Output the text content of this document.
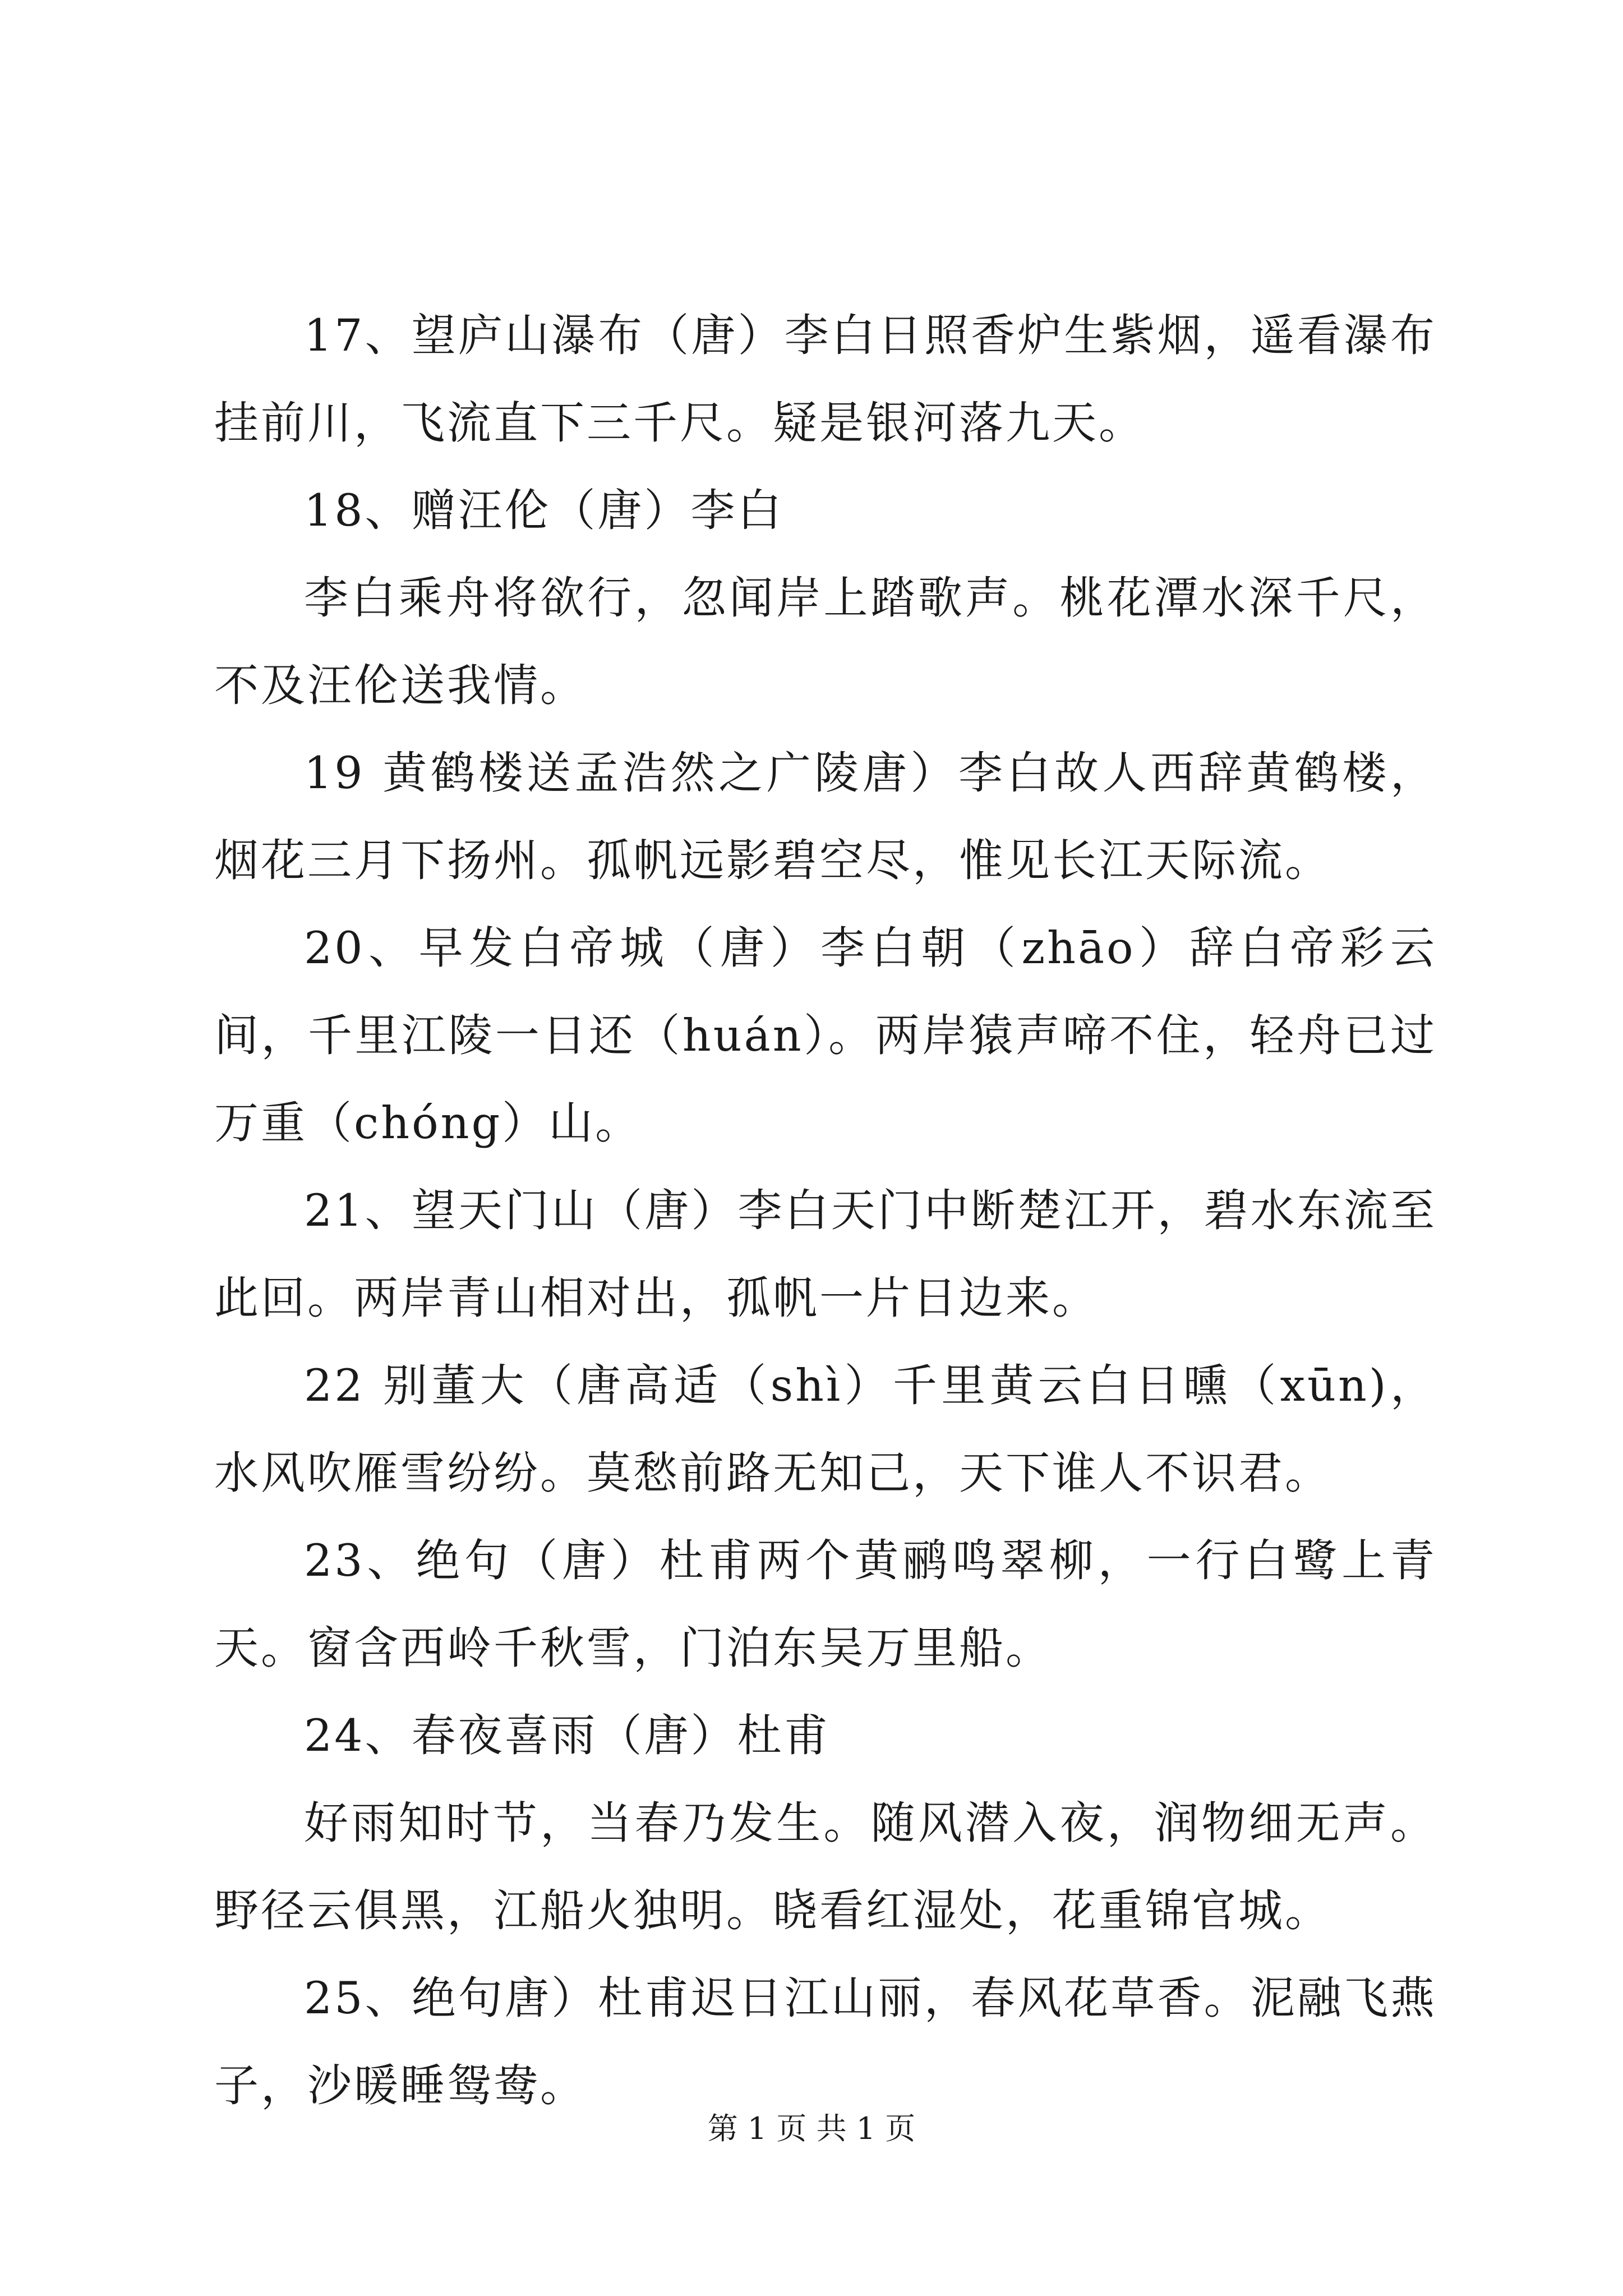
17、望庐山瀑布（唐）李白日照香炉生紫烟，遥看瀑布挂前川，飞流直下三千尺。疑是银河落九天。

18、赠汪伦（唐）李白

李白乘舟将欲行，忽闻岸上踏歌声。桃花潭水深千尺，不及汪伦送我情。

19 黄鹤楼送孟浩然之广陵唐）李白故人西辞黄鹤楼，烟花三月下扬州。孤帆远影碧空尽，惟见长江天际流。

20、早发白帝城（唐）李白朝（zhāo）辞白帝彩云间，千里江陵一日还（huán）。两岸猿声啼不住，轻舟已过万重（chóng）山。

21、望天门山（唐）李白天门中断楚江开，碧水东流至此回。两岸青山相对出，孤帆一片日边来。

22 别董大（唐高适（shì）千里黄云白日曛（xūn)，水风吹雁雪纷纷。莫愁前路无知己，天下谁人不识君。

23、绝句（唐）杜甫两个黄鹂鸣翠柳，一行白鹭上青天。窗含西岭千秋雪，门泊东吴万里船。

24、春夜喜雨（唐）杜甫

好雨知时节，当春乃发生。随风潜入夜，润物细无声。野径云俱黑，江船火独明。晓看红湿处，花重锦官城。

25、绝句唐）杜甫迟日江山丽，春风花草香。泥融飞燕子，沙暖睡鸳鸯。

第 1 页 共 1 页
